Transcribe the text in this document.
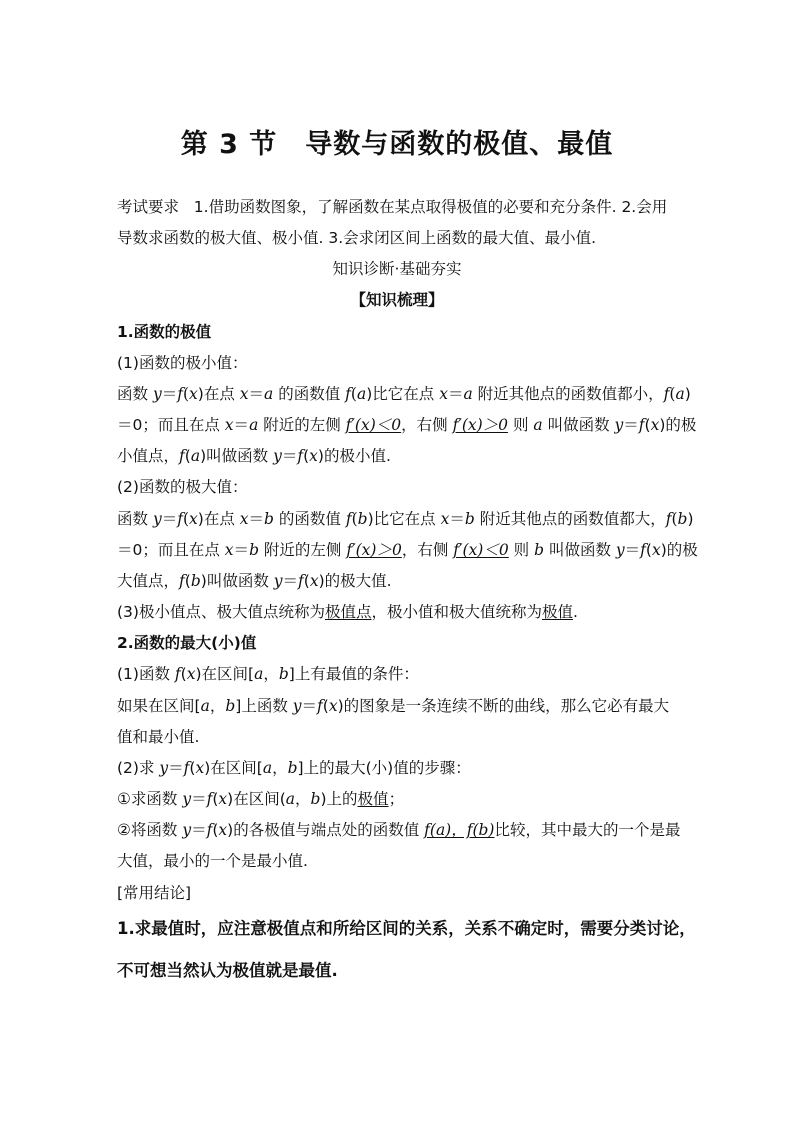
第 3 节　导数与函数的极值、最值
考试要求 1.借助函数图象，了解函数在某点取得极值的必要和充分条件. 2.会用
导数求函数的极大值、极小值. 3.会求闭区间上函数的最大值、最小值.
知识诊断·基础夯实
【知识梳理】
1.函数的极值
(1)函数的极小值：
函数 y＝f(x)在点 x＝a 的函数值 f(a)比它在点 x＝a 附近其他点的函数值都小，f(a)
＝0；而且在点 x＝a 附近的左侧 f′(x)＜0，右侧 f′(x)＞0 则 a 叫做函数 y＝f(x)的极
小值点，f(a)叫做函数 y＝f(x)的极小值.
(2)函数的极大值：
函数 y＝f(x)在点 x＝b 的函数值 f(b)比它在点 x＝b 附近其他点的函数值都大，f(b)
＝0；而且在点 x＝b 附近的左侧 f′(x)＞0，右侧 f′(x)＜0 则 b 叫做函数 y＝f(x)的极
大值点，f(b)叫做函数 y＝f(x)的极大值.
(3)极小值点、极大值点统称为极值点，极小值和极大值统称为极值.
2.函数的最大(小)值
(1)函数 f(x)在区间[a，b]上有最值的条件：
如果在区间[a，b]上函数 y＝f(x)的图象是一条连续不断的曲线，那么它必有最大
值和最小值.
(2)求 y＝f(x)在区间[a，b]上的最大(小)值的步骤：
①求函数 y＝f(x)在区间(a，b)上的极值；
②将函数 y＝f(x)的各极值与端点处的函数值 f(a)，f(b)比较，其中最大的一个是最
大值，最小的一个是最小值.
[常用结论]
1.求最值时，应注意极值点和所给区间的关系，关系不确定时，需要分类讨论，
不可想当然认为极值就是最值.
